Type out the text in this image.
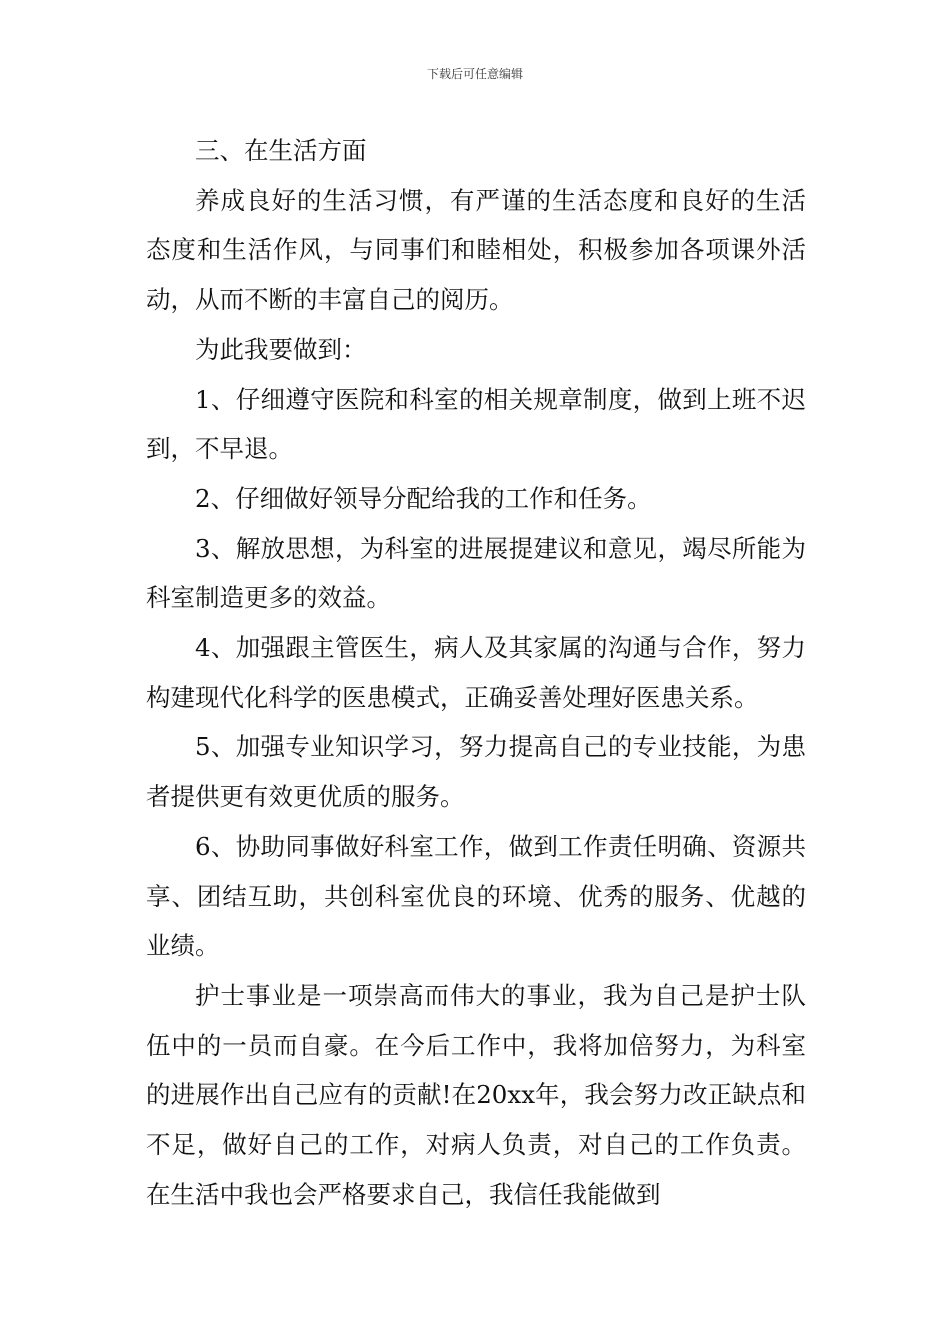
下载后可任意编辑

三、在生活方面

养成良好的生活习惯，有严谨的生活态度和良好的生活态度和生活作风，与同事们和睦相处，积极参加各项课外活动，从而不断的丰富自己的阅历。

为此我要做到：

1、仔细遵守医院和科室的相关规章制度，做到上班不迟到，不早退。

2、仔细做好领导分配给我的工作和任务。

3、解放思想，为科室的进展提建议和意见，竭尽所能为科室制造更多的效益。

4、加强跟主管医生，病人及其家属的沟通与合作，努力构建现代化科学的医患模式，正确妥善处理好医患关系。

5、加强专业知识学习，努力提高自己的专业技能，为患者提供更有效更优质的服务。

6、协助同事做好科室工作，做到工作责任明确、资源共享、团结互助，共创科室优良的环境、优秀的服务、优越的业绩。

护士事业是一项崇高而伟大的事业，我为自己是护士队伍中的一员而自豪。在今后工作中，我将加倍努力，为科室的进展作出自己应有的贡献!在20xx年，我会努力改正缺点和不足，做好自己的工作，对病人负责，对自己的工作负责。在生活中我也会严格要求自己，我信任我能做到
